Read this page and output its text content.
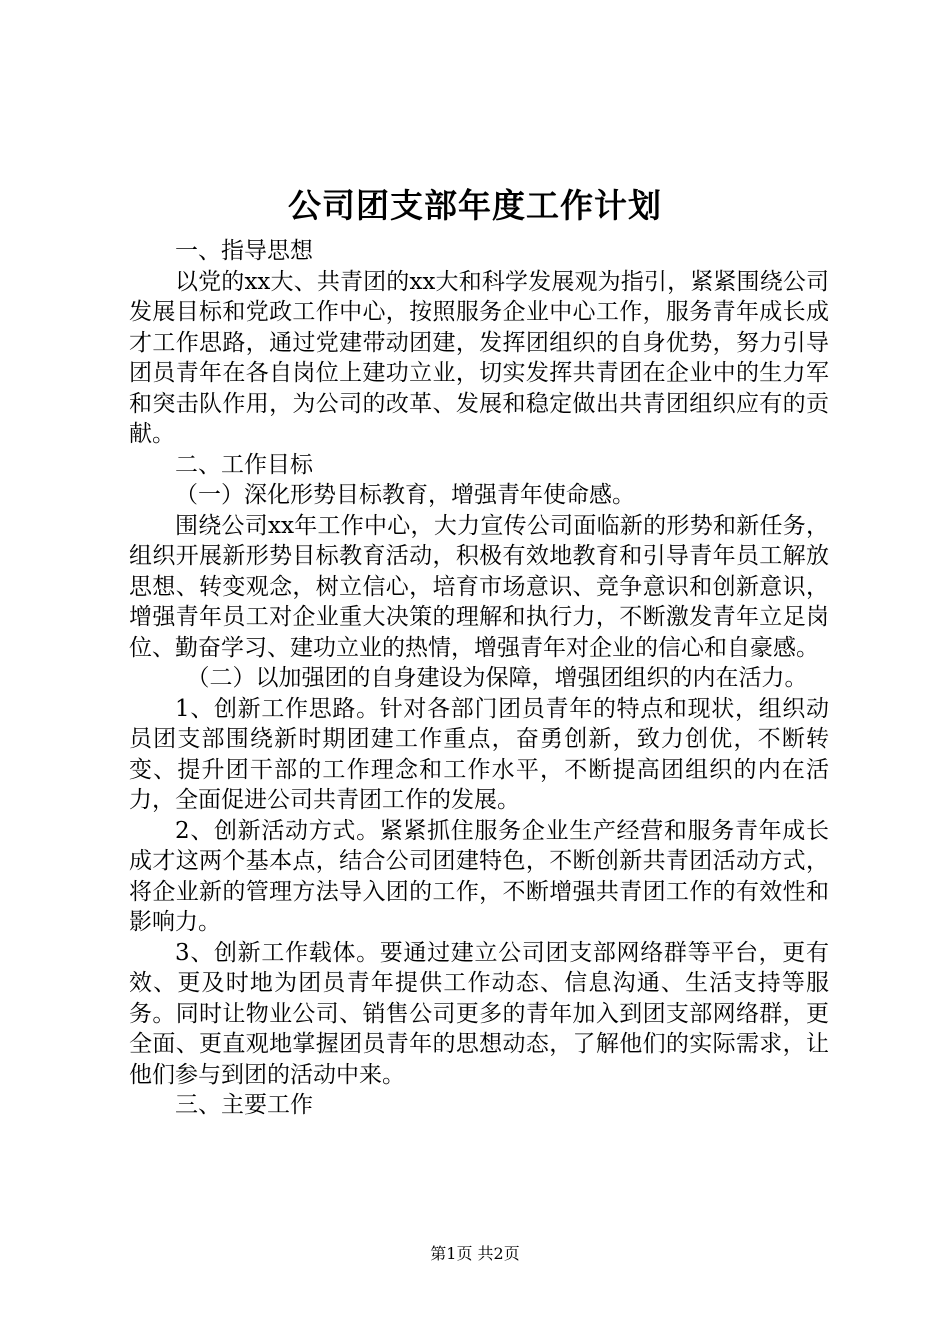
公司团支部年度工作计划

一、指导思想

以党的xx大、共青团的xx大和科学发展观为指引，紧紧围绕公司发展目标和党政工作中心，按照服务企业中心工作，服务青年成长成才工作思路，通过党建带动团建，发挥团组织的自身优势，努力引导团员青年在各自岗位上建功立业，切实发挥共青团在企业中的生力军和突击队作用，为公司的改革、发展和稳定做出共青团组织应有的贡献。

二、工作目标

（一）深化形势目标教育，增强青年使命感。

围绕公司xx年工作中心，大力宣传公司面临新的形势和新任务，组织开展新形势目标教育活动，积极有效地教育和引导青年员工解放思想、转变观念，树立信心，培育市场意识、竞争意识和创新意识，增强青年员工对企业重大决策的理解和执行力，不断激发青年立足岗位、勤奋学习、建功立业的热情，增强青年对企业的信心和自豪感。

（二）以加强团的自身建设为保障，增强团组织的内在活力。

1、创新工作思路。针对各部门团员青年的特点和现状，组织动员团支部围绕新时期团建工作重点，奋勇创新，致力创优，不断转变、提升团干部的工作理念和工作水平，不断提高团组织的内在活力，全面促进公司共青团工作的发展。

2、创新活动方式。紧紧抓住服务企业生产经营和服务青年成长成才这两个基本点，结合公司团建特色，不断创新共青团活动方式，将企业新的管理方法导入团的工作，不断增强共青团工作的有效性和影响力。

3、创新工作载体。要通过建立公司团支部网络群等平台，更有效、更及时地为团员青年提供工作动态、信息沟通、生活支持等服务。同时让物业公司、销售公司更多的青年加入到团支部网络群，更全面、更直观地掌握团员青年的思想动态，了解他们的实际需求，让他们参与到团的活动中来。

三、主要工作

第1页 共2页
